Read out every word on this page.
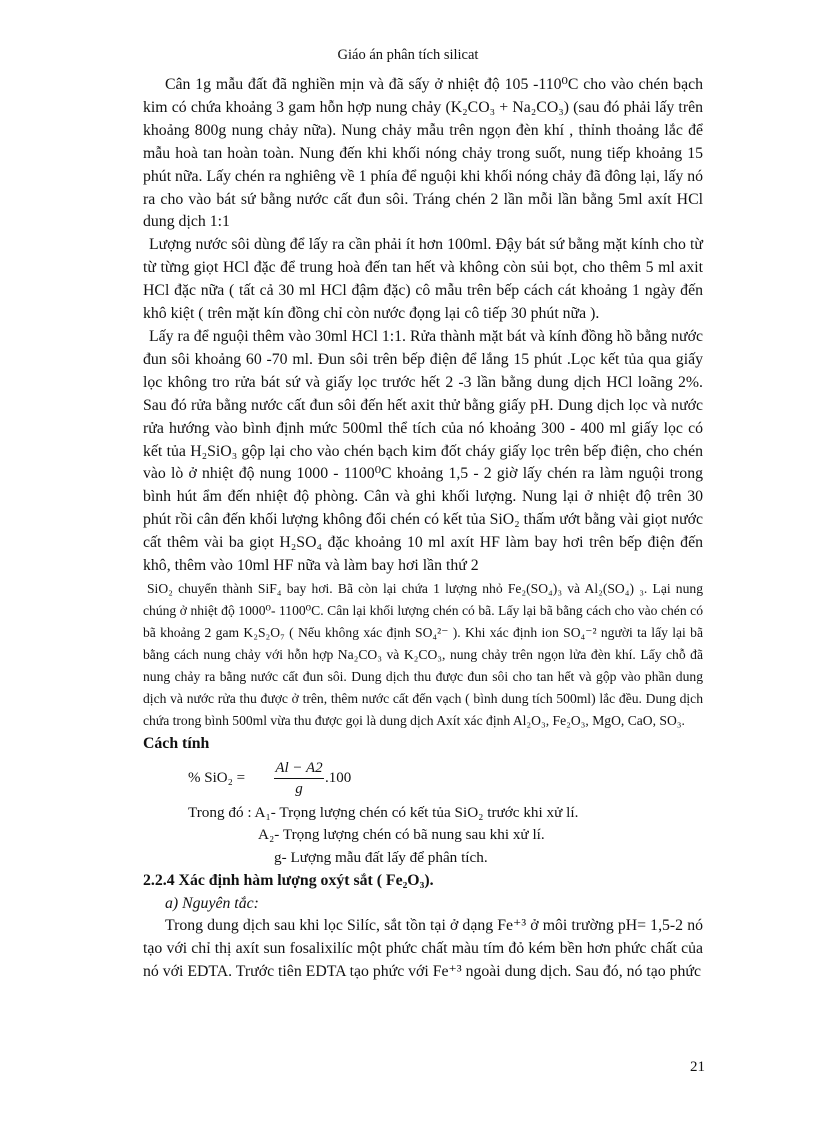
Giáo án phân tích silicat

Cân 1g mẫu đất đã nghiền mịn và đã sấy ở nhiệt độ 105 -110⁰C cho vào chén bạch kim có chứa khoảng 3 gam hỗn hợp nung chảy (K₂CO₃ + Na₂CO₃) (sau đó phải lấy trên khoảng 800g nung chảy nữa). Nung chảy mẫu trên ngọn đèn khí , thỉnh thoảng lắc để mẫu hoà tan hoàn toàn. Nung đến khi khối nóng chảy trong suốt, nung tiếp khoảng 15 phút nữa. Lấy chén ra nghiêng về 1 phía để nguội khi khối nóng chảy đã đông lại, lấy nó ra cho vào bát sứ bằng nước cất đun sôi. Tráng chén 2 lần mỗi lần bằng 5ml axít HCl dung dịch 1:1

Lượng nước sôi dùng để lấy ra cần phải ít hơn 100ml. Đậy bát sứ bằng mặt kính cho từ từ từng giọt HCl đặc để trung hoà đến tan hết và không còn sủi bọt, cho thêm 5 ml axit HCl đặc nữa ( tất cả 30 ml HCl đậm đặc) cô mẫu trên bếp cách cát khoảng 1 ngày đến khô kiệt ( trên mặt kín đồng chỉ còn nước đọng lại cô tiếp 30 phút nữa ).

Lấy ra để nguội thêm vào 30ml HCl 1:1. Rửa thành mặt bát và kính đồng hồ bằng nước đun sôi khoảng 60 -70 ml. Đun sôi trên bếp điện để lắng 15 phút .Lọc kết tủa qua giấy lọc không tro rửa bát sứ và giấy lọc trước hết 2 -3 lần bằng dung dịch HCl loãng 2%. Sau đó rửa bằng nước cất đun sôi đến hết axit thử bằng giấy pH. Dung dịch lọc và nước rửa hướng vào bình định mức 500ml thể tích của nó khoảng 300 - 400 ml giấy lọc có kết tủa H₂SiO₃ gộp lại cho vào chén bạch kim đốt cháy giấy lọc trên bếp điện, cho chén vào lò ở nhiệt độ nung 1000 - 1100⁰C khoảng 1,5 - 2 giờ lấy chén ra làm nguội trong bình hút ẩm đến nhiệt độ phòng. Cân và ghi khối lượng. Nung lại ở nhiệt độ trên 30 phút rồi cân đến khối lượng không đổi chén có kết tủa SiO₂ thấm ướt bằng vài giọt nước cất thêm vài ba giọt H₂SO₄ đặc khoảng 10 ml axít HF làm bay hơi trên bếp điện đến khô, thêm vào 10ml HF nữa và làm bay hơi lần thứ 2

SiO₂ chuyển thành SiF₄ bay hơi. Bã còn lại chứa 1 lượng nhỏ Fe₂(SO₄)₃ và Al₂(SO₄) ₃. Lại nung chúng ở nhiệt độ 1000⁰- 1100⁰C. Cân lại khối lượng chén có bã. Lấy lại bã bằng cách cho vào chén có bã khoảng 2 gam K₂S₂O₇ ( Nếu không xác định SO₄²⁻ ). Khi xác định ion SO₄⁻² người ta lấy lại bã bằng cách nung chảy với hỗn hợp Na₂CO₃ và K₂CO₃, nung chảy trên ngọn lửa đèn khí. Lấy chỗ đã nung chảy ra bằng nước cất đun sôi. Dung dịch thu được đun sôi cho tan hết và gộp vào phần dung dịch và nước rửa thu được ở trên, thêm nước cất đến vạch ( bình dung tích 500ml) lắc đều. Dung dịch chứa trong bình 500ml vừa thu được gọi là dung dịch Axít xác định Al₂O₃, Fe₂O₃, MgO, CaO, SO₃.

Cách tính
% $SiO_2 = \frac{Al - A2}{g} .100$
Trong đó : A₁- Trọng lượng chén có kết tủa SiO₂ trước khi xử lí.
A₂- Trọng lượng chén có bã nung sau khi xử lí.
g- Lượng mẫu đất lấy để phân tích.
2.2.4 Xác định hàm lượng oxýt sắt ( Fe₂O₃).
a) Nguyên tắc:

Trong dung dịch sau khi lọc Silíc, sắt tồn tại ở dạng Fe⁺³ ở môi trường pH= 1,5-2 nó tạo với chỉ thị axít sun fosalixilíc một phức chất màu tím đỏ kém bền hơn phức chất của nó với EDTA. Trước tiên EDTA tạo phức với Fe⁺³ ngoài dung dịch. Sau đó, nó tạo phức

21
